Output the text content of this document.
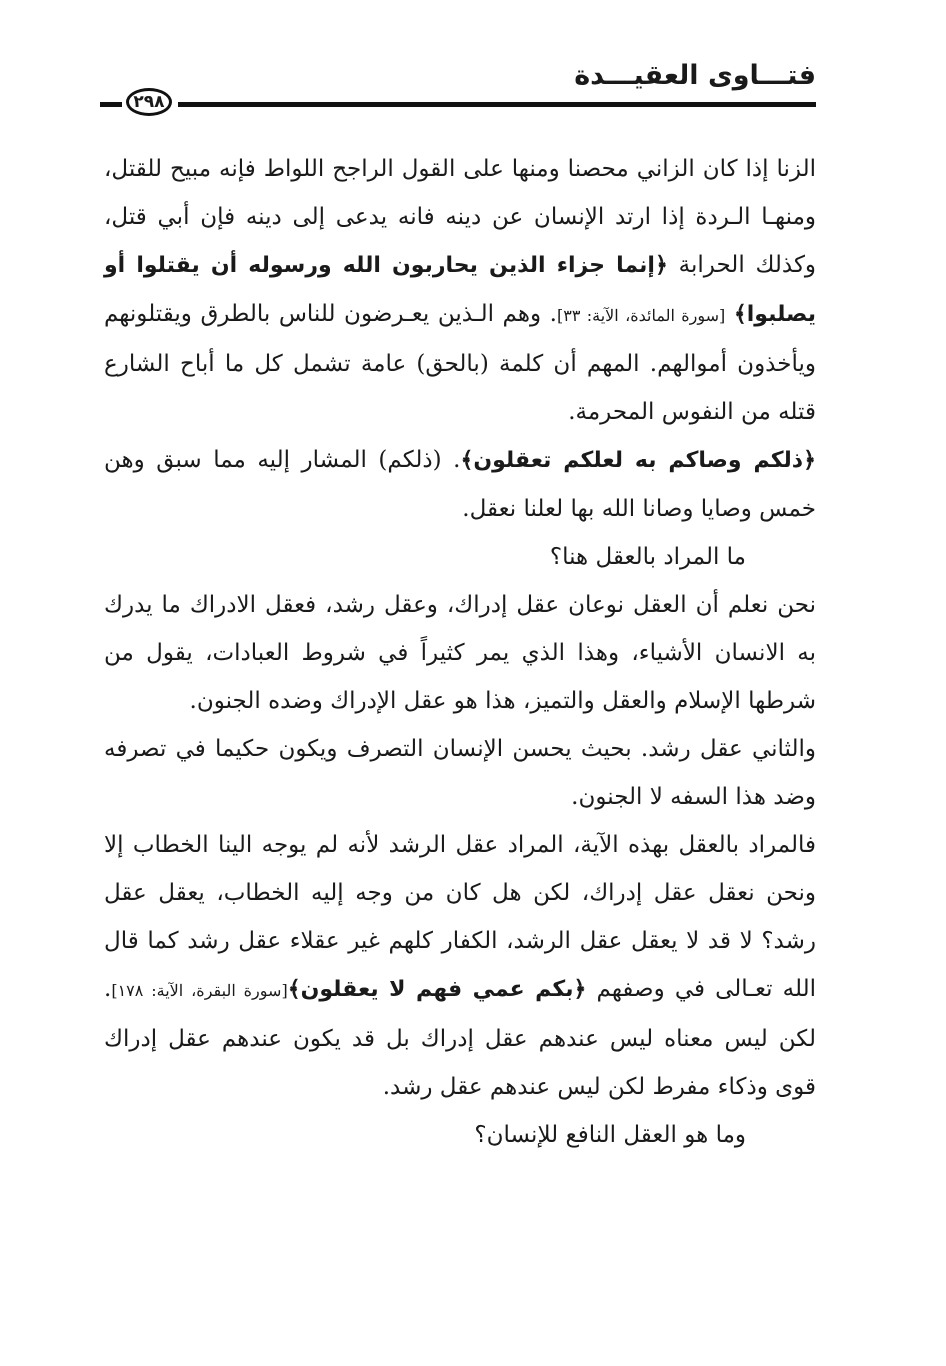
فتـــاوى العقيـــدة
٢٩٨

الزنا إذا كان الزاني محصنا ومنها على القول الراجح اللواط فإنه مبيح للقتل، ومنهـا الـردة إذا ارتد الإنسان عن دينه فانه يدعى إلى دينه فإن أبي قتل، وكذلك الحرابة ﴿إنما جزاء الذين يحاربون الله ورسوله أن يقتلوا أو يصلبوا﴾ [سورة المائدة، الآية: ٣٣]. وهم الـذين يعـرضون للناس بالطرق ويقتلونهم ويأخذون أموالهم. المهم أن كلمة (بالحق) عامة تشمل كل ما أباح الشارع قتله من النفوس المحرمة.

﴿ذلكم وصاكم به لعلكم تعقلون﴾. (ذلكم) المشار إليه مما سبق وهن خمس وصايا وصانا الله بها لعلنا نعقل.

ما المراد بالعقل هنا؟

نحن نعلم أن العقل نوعان عقل إدراك، وعقل رشد، فعقل الادراك ما يدرك به الانسان الأشياء، وهذا الذي يمر كثيراً في شروط العبادات، يقول من شرطها الإسلام والعقل والتميز، هذا هو عقل الإدراك وضده الجنون.

والثاني عقل رشد. بحيث يحسن الإنسان التصرف ويكون حكيما في تصرفه وضد هذا السفه لا الجنون.

فالمراد بالعقل بهذه الآية، المراد عقل الرشد لأنه لم يوجه الينا الخطاب إلا ونحن نعقل عقل إدراك، لكن هل كان من وجه إليه الخطاب، يعقل عقل رشد؟ لا قد لا يعقل عقل الرشد، الكفار كلهم غير عقلاء عقل رشد كما قال الله تعـالى في وصفهم ﴿بكم عمي فهم لا يعقلون﴾[سورة البقرة، الآية: ١٧٨]. لكن ليس معناه ليس عندهم عقل إدراك بل قد يكون عندهم عقل إدراك قوى وذكاء مفرط لكن ليس عندهم عقل رشد.

وما هو العقل النافع للإنسان؟
